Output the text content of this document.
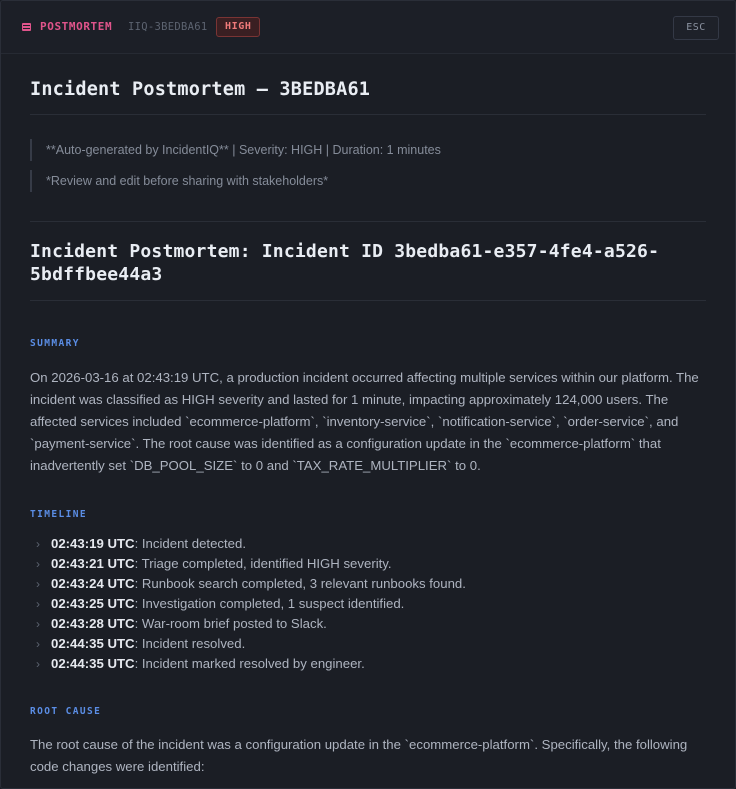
POSTMORTEM IIQ-3BEDBA61	HIGH	ESC
Incident Postmortem — 3BEDBA61
**Auto-generated by IncidentIQ** | Severity: HIGH | Duration: 1 minutes
*Review and edit before sharing with stakeholders*
Incident Postmortem: Incident ID 3bedba61-e357-4fe4-a526-5bdffbee44a3
SUMMARY
On 2026-03-16 at 02:43:19 UTC, a production incident occurred affecting multiple services within our platform. The incident was classified as HIGH severity and lasted for 1 minute, impacting approximately 124,000 users. The affected services included `ecommerce-platform`, `inventory-service`, `notification-service`, `order-service`, and `payment-service`. The root cause was identified as a configuration update in the `ecommerce-platform` that inadvertently set `DB_POOL_SIZE` to 0 and `TAX_RATE_MULTIPLIER` to 0.
TIMELINE
› 02:43:19 UTC: Incident detected.
› 02:43:21 UTC: Triage completed, identified HIGH severity.
› 02:43:24 UTC: Runbook search completed, 3 relevant runbooks found.
› 02:43:25 UTC: Investigation completed, 1 suspect identified.
› 02:43:28 UTC: War-room brief posted to Slack.
› 02:44:35 UTC: Incident resolved.
› 02:44:35 UTC: Incident marked resolved by engineer.
ROOT CAUSE
The root cause of the incident was a configuration update in the `ecommerce-platform`. Specifically, the following code changes were identified:
